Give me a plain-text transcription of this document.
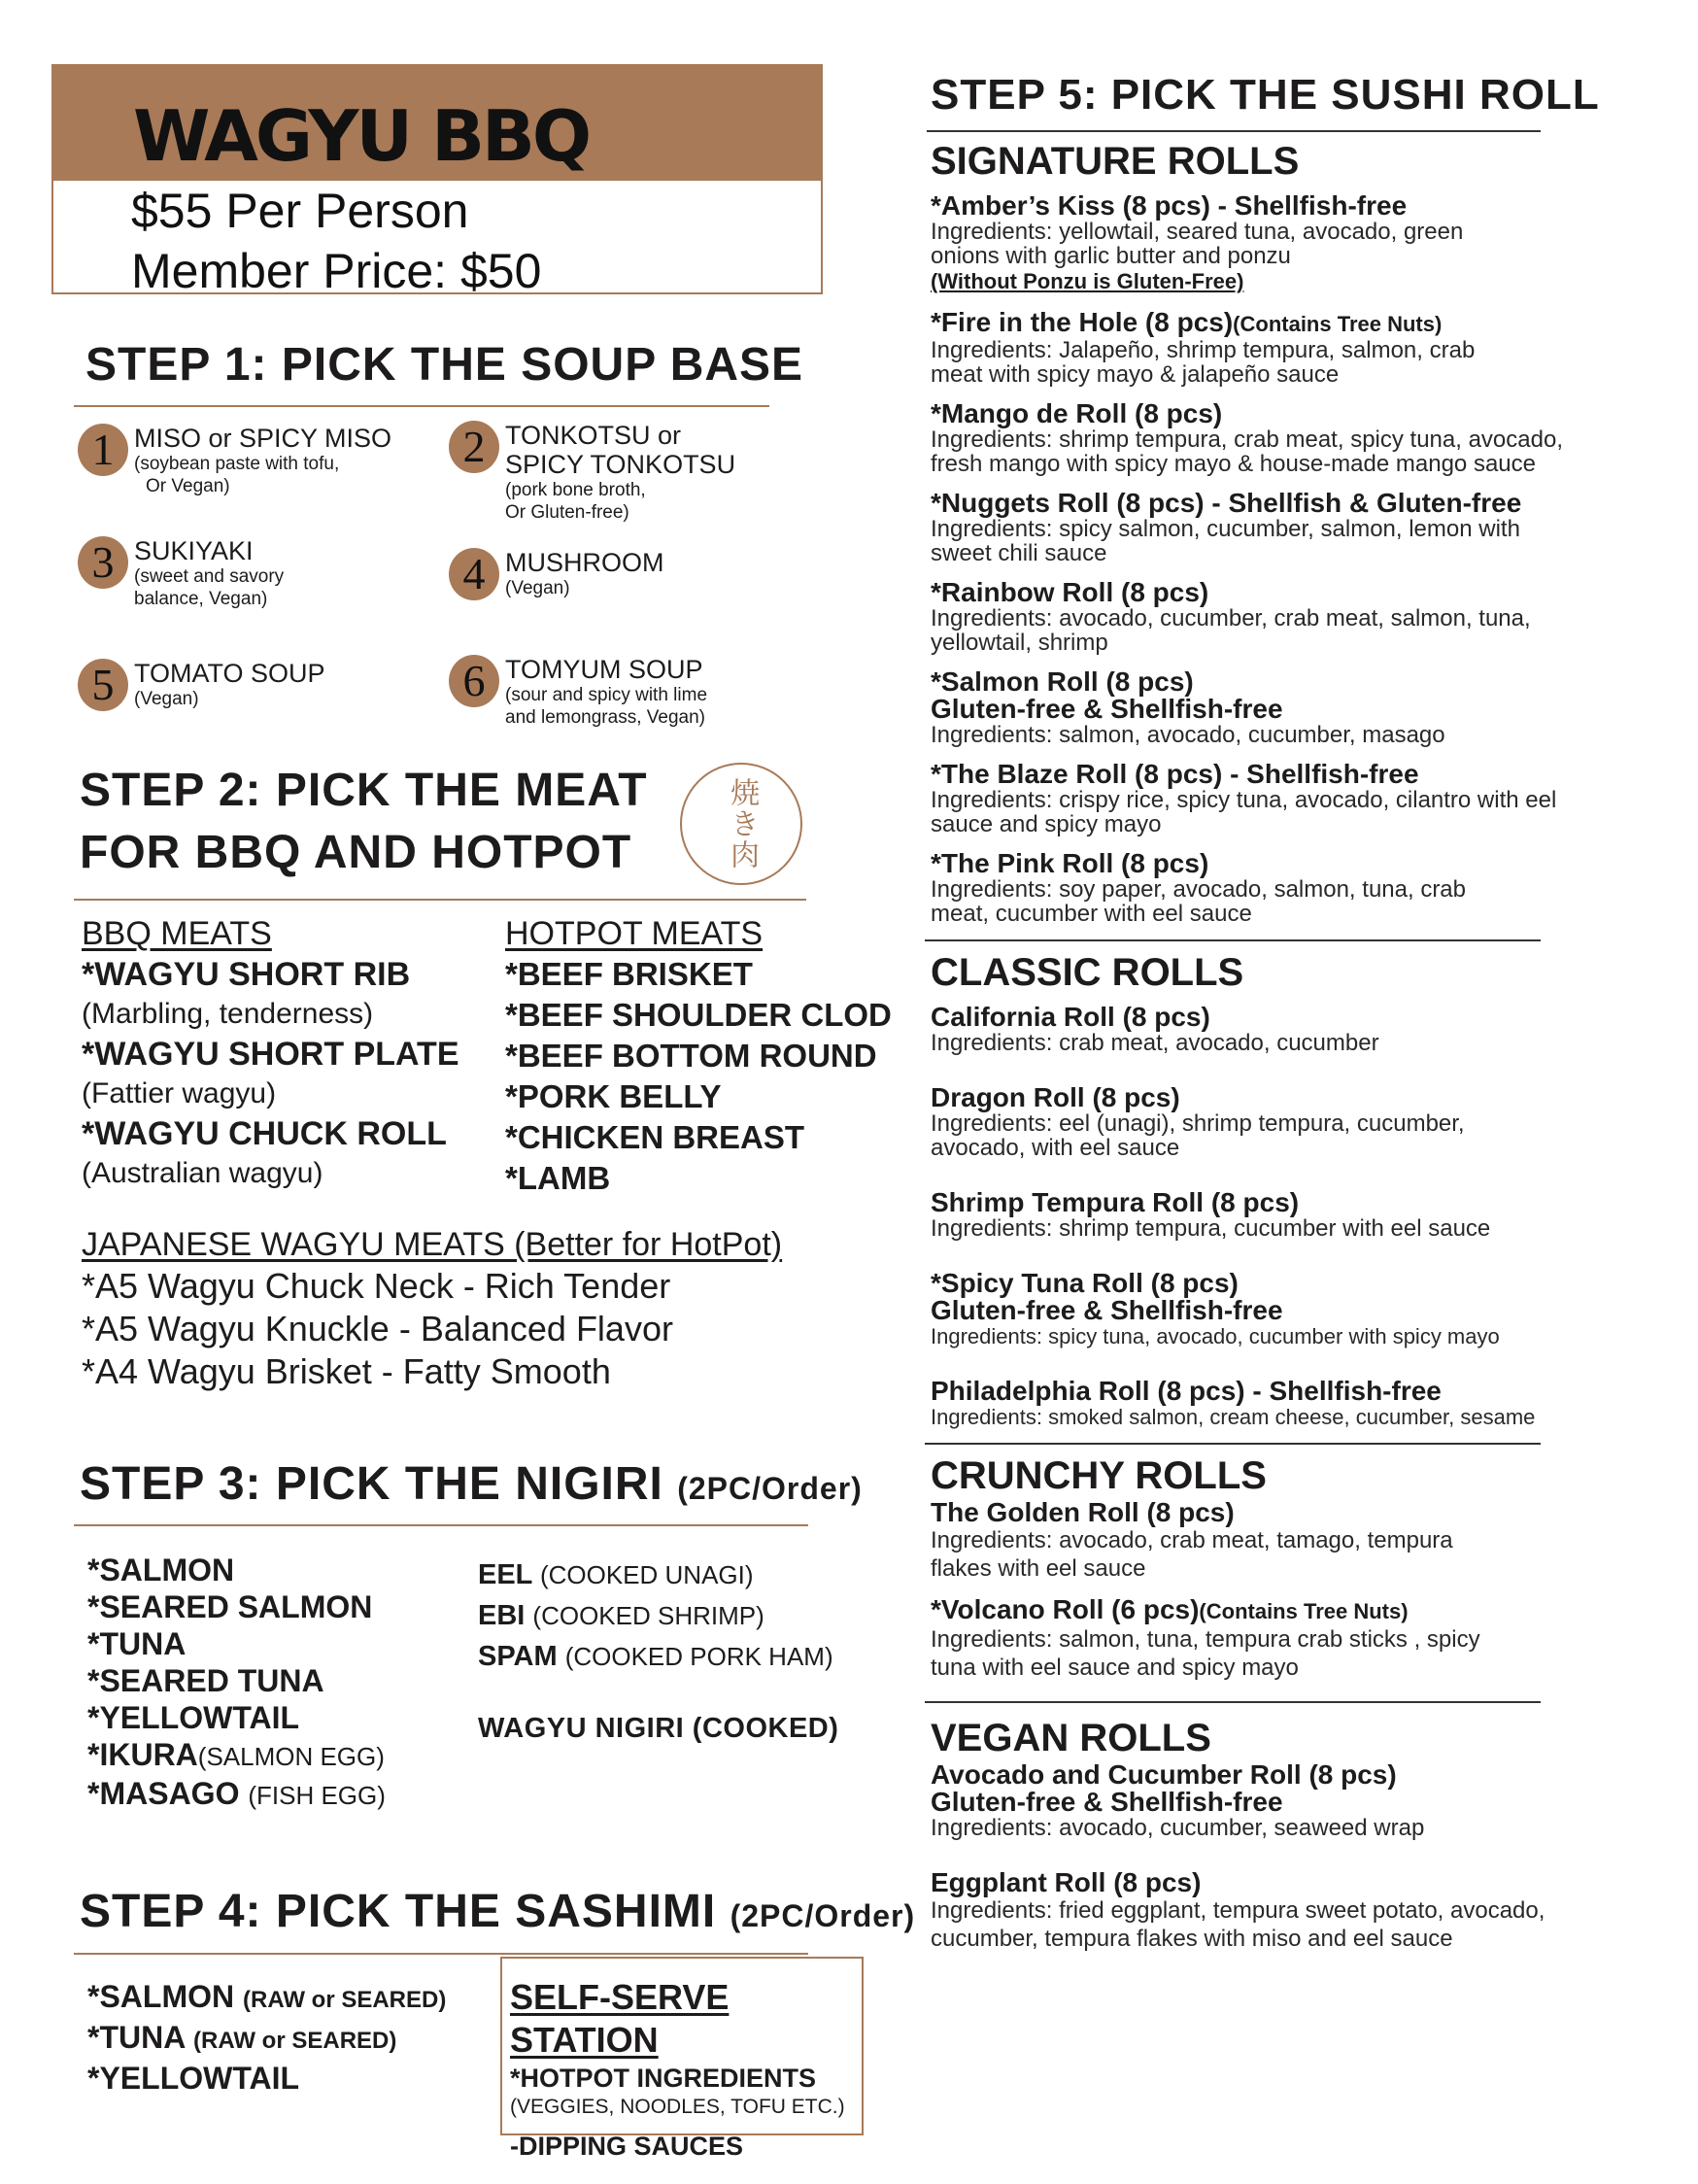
WAGYU BBQ
$55 Per Person
Member Price: $50
STEP 1: PICK THE SOUP BASE
1 MISO or SPICY MISO
(soybean paste with tofu,
Or Vegan)
2 TONKOTSU or
SPICY TONKOTSU
(pork bone broth,
Or Gluten-free)
3 SUKIYAKI
(sweet and savory
balance, Vegan)
4 MUSHROOM
(Vegan)
5 TOMATO SOUP
(Vegan)	6 TOMYUM SOUP
(sour and spicy with lime
and lemongrass, Vegan)
STEP 2: PICK THE MEAT
FOR BBQ AND HOTPOT	焼き肉
BBQ MEATS
*WAGYU SHORT RIB
(Marbling, tenderness)
*WAGYU SHORT PLATE
(Fattier wagyu)
*WAGYU CHUCK ROLL
(Australian wagyu)
HOTPOT MEATS
*BEEF BRISKET
*BEEF SHOULDER CLOD
*BEEF BOTTOM ROUND
*PORK BELLY
*CHICKEN BREAST
*LAMB
JAPANESE WAGYU MEATS (Better for HotPot)
*A5 Wagyu Chuck Neck - Rich Tender
*A5 Wagyu Knuckle - Balanced Flavor
*A4 Wagyu Brisket - Fatty Smooth
STEP 3: PICK THE NIGIRI (2PC/Order)
*SALMON
*SEARED SALMON
*TUNA
*SEARED TUNA
*YELLOWTAIL
*IKURA(SALMON EGG)
*MASAGO (FISH EGG)
EEL (COOKED UNAGI)
EBI (COOKED SHRIMP)
SPAM (COOKED PORK HAM)
WAGYU NIGIRI (COOKED)
STEP 4: PICK THE SASHIMI (2PC/Order)
*SALMON (RAW or SEARED)
*TUNA (RAW or SEARED)
*YELLOWTAIL
SELF-SERVE STATION
*HOTPOT INGREDIENTS
(VEGGIES, NOODLES, TOFU ETC.)
-DIPPING SAUCES
STEP 5: PICK THE SUSHI ROLL
SIGNATURE ROLLS
*Amber’s Kiss (8 pcs) - Shellfish-free
Ingredients: yellowtail, seared tuna, avocado, green onions with garlic butter and ponzu
(Without Ponzu is Gluten-Free)
*Fire in the Hole (8 pcs)(Contains Tree Nuts)
Ingredients: Jalapeño, shrimp tempura, salmon, crab meat with spicy mayo & jalapeño sauce
*Mango de Roll (8 pcs)
Ingredients: shrimp tempura, crab meat, spicy tuna, avocado, fresh mango with spicy mayo & house-made mango sauce
*Nuggets Roll (8 pcs) - Shellfish & Gluten-free
Ingredients: spicy salmon, cucumber, salmon, lemon with sweet chili sauce
*Rainbow Roll (8 pcs)
Ingredients: avocado, cucumber, crab meat, salmon, tuna, yellowtail, shrimp
*Salmon Roll (8 pcs)
Gluten-free & Shellfish-free
Ingredients: salmon, avocado, cucumber, masago
*The Blaze Roll (8 pcs) - Shellfish-free
Ingredients: crispy rice, spicy tuna, avocado, cilantro with eel sauce and spicy mayo
*The Pink Roll (8 pcs)
Ingredients: soy paper, avocado, salmon, tuna, crab meat, cucumber with eel sauce
CLASSIC ROLLS
California Roll (8 pcs)
Ingredients: crab meat, avocado, cucumber
Dragon Roll (8 pcs)
Ingredients: eel (unagi), shrimp tempura, cucumber, avocado, with eel sauce
Shrimp Tempura Roll (8 pcs)
Ingredients: shrimp tempura, cucumber with eel sauce
*Spicy Tuna Roll (8 pcs)
Gluten-free & Shellfish-free
Ingredients: spicy tuna, avocado, cucumber with spicy mayo
Philadelphia Roll (8 pcs) - Shellfish-free
Ingredients: smoked salmon, cream cheese, cucumber, sesame
CRUNCHY ROLLS
The Golden Roll (8 pcs)
Ingredients: avocado, crab meat, tamago, tempura flakes with eel sauce
*Volcano Roll (6 pcs)(Contains Tree Nuts)
Ingredients: salmon, tuna, tempura crab sticks , spicy tuna with eel sauce and spicy mayo
VEGAN ROLLS
Avocado and Cucumber Roll (8 pcs)
Gluten-free & Shellfish-free
Ingredients: avocado, cucumber, seaweed wrap
Eggplant Roll (8 pcs)
Ingredients: fried eggplant, tempura sweet potato, avocado, cucumber, tempura flakes with miso and eel sauce
